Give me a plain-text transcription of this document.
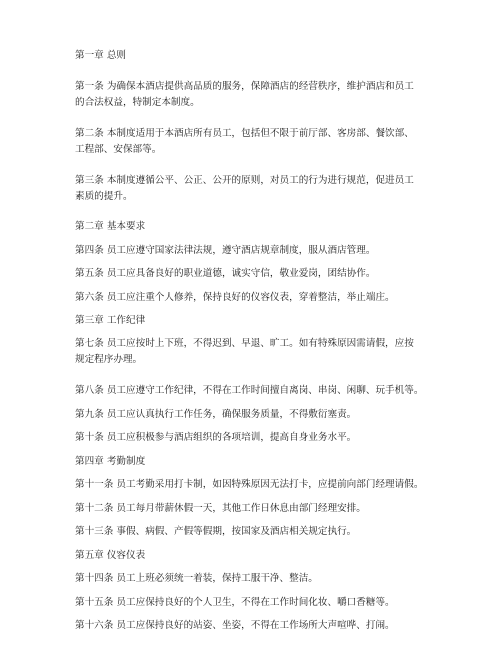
第一章 总则
第一条 为确保本酒店提供高品质的服务，保障酒店的经营秩序，维护酒店和员工
的合法权益，特制定本制度。
第二条 本制度适用于本酒店所有员工，包括但不限于前厅部、客房部、餐饮部、
工程部、安保部等。
第三条 本制度遵循公平、公正、公开的原则，对员工的行为进行规范，促进员工
素质的提升。
第二章 基本要求
第四条 员工应遵守国家法律法规，遵守酒店规章制度，服从酒店管理。
第五条 员工应具备良好的职业道德，诚实守信，敬业爱岗，团结协作。
第六条 员工应注重个人修养，保持良好的仪容仪表，穿着整洁，举止端庄。
第三章 工作纪律
第七条 员工应按时上下班，不得迟到、早退、旷工。如有特殊原因需请假，应按
规定程序办理。
第八条 员工应遵守工作纪律，不得在工作时间擅自离岗、串岗、闲聊、玩手机等。
第九条 员工应认真执行工作任务，确保服务质量，不得敷衍塞责。
第十条 员工应积极参与酒店组织的各项培训，提高自身业务水平。
第四章 考勤制度
第十一条 员工考勤采用打卡制，如因特殊原因无法打卡，应提前向部门经理请假。
第十二条 员工每月带薪休假一天，其他工作日休息由部门经理安排。
第十三条 事假、病假、产假等假期，按国家及酒店相关规定执行。
第五章 仪容仪表
第十四条 员工上班必须统一着装，保持工服干净、整洁。
第十五条 员工应保持良好的个人卫生，不得在工作时间化妆、嚼口香糖等。
第十六条 员工应保持良好的站姿、坐姿，不得在工作场所大声喧哗、打闹。
